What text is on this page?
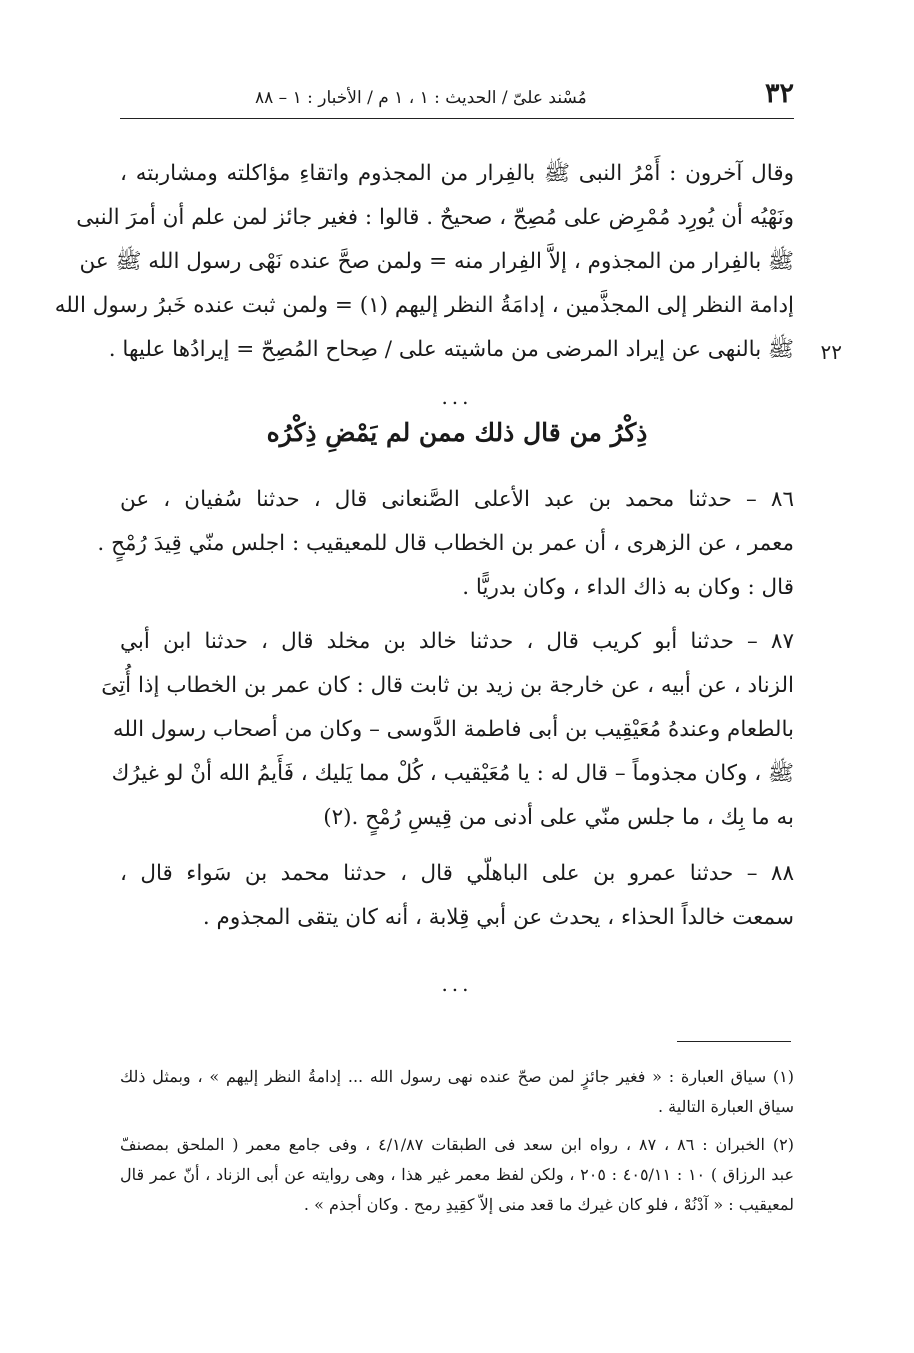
٣٢
مُسْند علىّ / الحديث : ١ ، ١ م / الأخبار : ١ – ٨٨
وقال آخرون : أَمْرُ النبى ﷺ بالفِرار من المجذوم واتقاءِ مؤاكلته ومشاربته ،
ونَهْيُه أن يُورِد مُمْرِض على مُصِحّ ، صحيحٌ . قالوا : فغير جائز لمن علم أن أمرَ النبى
ﷺ بالفِرار من المجذوم ، إلاَّ الفِرار منه = ولمن صحَّ عنده نَهْى رسول الله ﷺ عن
إدامة النظر إلى المجذَّمين ، إدامَةُ النظر إليهم (١) = ولمن ثبت عنده خَبرُ رسول الله
ﷺ بالنهى عن إيراد المرضى من ماشيته على / صِحاح المُصِحّ = إيرادُها عليها . ٢٢
...
ذِكْرُ من قال ذلك ممن لم يَمْضِ ذِكْرُه
٨٦ – حدثنا محمد بن عبد الأعلى الصَّنعانى قال ، حدثنا سُفيان ، عن
معمر ، عن الزهرى ، أن عمر بن الخطاب قال للمعيقيب : اجلس منّي قِيدَ رُمْحٍ .
قال : وكان به ذاك الداء ، وكان بدريًّا .
٨٧ – حدثنا أبو كريب قال ، حدثنا خالد بن مخلد قال ، حدثنا ابن أبي
الزناد ، عن أبيه ، عن خارجة بن زيد بن ثابت قال : كان عمر بن الخطاب إذا أُتِىَ
بالطعام وعندهُ مُعَيْقِيب بن أبى فاطمة الدَّوسى – وكان من أصحاب رسول الله
ﷺ ، وكان مجذوماً – قال له : يا مُعَيْقيب ، كُلْ مما يَليك ، فَأَيمُ الله أنْ لو غيرُك
به ما بِك ، ما جلس منّي على أدنى من قِيسِ رُمْحٍ .(٢)
٨٨ – حدثنا عمرو بن على الباهلّي قال ، حدثنا محمد بن سَواء قال ،
سمعت خالداً الحذاء ، يحدث عن أبي قِلابة ، أنه كان يتقى المجذوم .
...
(١) سياق العبارة : « فغير جائزٍ لمن صحّ عنده نهى رسول الله ... إدامةُ النظر إليهم » ، وبمثل ذلك
سياق العبارة التالية .
(٢) الخبران : ٨٦ ، ٨٧ ، رواه ابن سعد فى الطبقات ٤/١/٨٧ ، وفى جامع معمر ( الملحق بمصنفّ
عبد الرزاق ) ١٠ : ٤٠٥/١١ : ٢٠٥ ، ولكن لفظ معمر غير هذا ، وهى روايته عن أبى الزناد ، أنّ عمر قال
لمعيقيب : « آدْنُهْ ، فلو كان غيرك ما قعد منى إلاّ كقِيدِ رمح . وكان أجذم » .
